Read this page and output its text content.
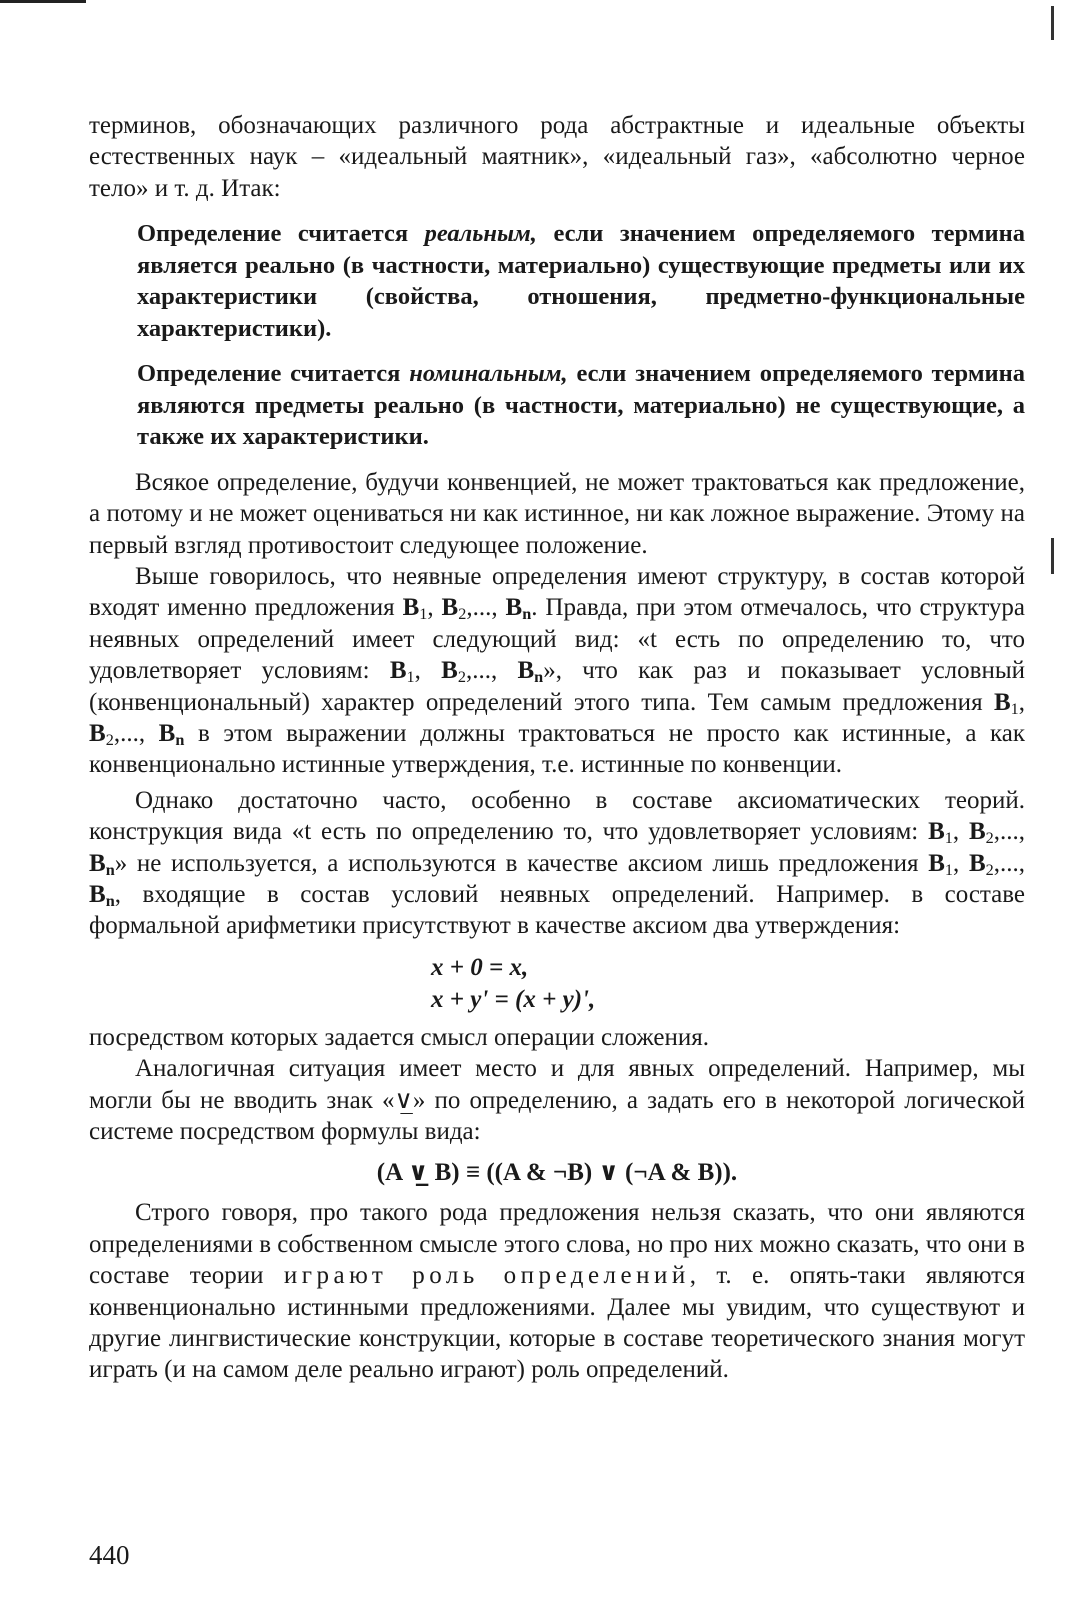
терминов, обозначающих различного рода абстрактные и идеальные объекты естественных наук – «идеальный маятник», «идеальный газ», «абсолютно черное тело» и т. д. Итак:

Определение считается реальным, если значением определяемого термина является реально (в частности, материально) существующие предметы или их характеристики (свойства, отношения, предметно-функциональные характеристики).

Определение считается номинальным, если значением определяемого термина являются предметы реально (в частности, материально) не существующие, а также их характеристики.

Всякое определение, будучи конвенцией, не может трактоваться как предложение, а потому и не может оцениваться ни как истинное, ни как ложное выражение. Этому на первый взгляд противостоит следующее положение.

Выше говорилось, что неявные определения имеют структуру, в состав которой входят именно предложения $B_1$, $B_2$,..., $B_n$. Правда, при этом отмечалось, что структура неявных определений имеет следующий вид: «t есть по определению то, что удовлетворяет условиям: $B_1$, $B_2$,..., $B_n$», что как раз и показывает условный (конвенциональный) характер определений этого типа. Тем самым предложения $B_1$, $B_2$,..., $B_n$ в этом выражении должны трактоваться не просто как истинные, а как конвенционально истинные утверждения, т.е. истинные по конвенции.

Однако достаточно часто, особенно в составе аксиоматических теорий. конструкция вида «t есть по определению то, что удовлетворяет условиям: $B_1$, $B_2$,..., $B_n$» не используется, а используются в качестве аксиом лишь предложения $B_1$, $B_2$,..., $B_n$, входящие в состав условий неявных определений. Например. в составе формальной арифметики присутствуют в качестве аксиом два утверждения:

x + 0 = x,

x + y' = (x + y)',

посредством которых задается смысл операции сложения.

Аналогичная ситуация имеет место и для явных определений. Например, мы могли бы не вводить знак «∨̲» по определению, а задать его в некоторой логической системе посредством формулы вида:

(A ∨̲ B) ≡ ((A & ¬B) ∨ (¬A & B)).

Строго говоря, про такого рода предложения нельзя сказать, что они являются определениями в собственном смысле этого слова, но про них можно сказать, что они в составе теории играют роль определений, т. е. опять-таки являются конвенционально истинными предложениями. Далее мы увидим, что существуют и другие лингвистические конструкции, которые в составе теоретического знания могут играть (и на самом деле реально играют) роль определений.

440
